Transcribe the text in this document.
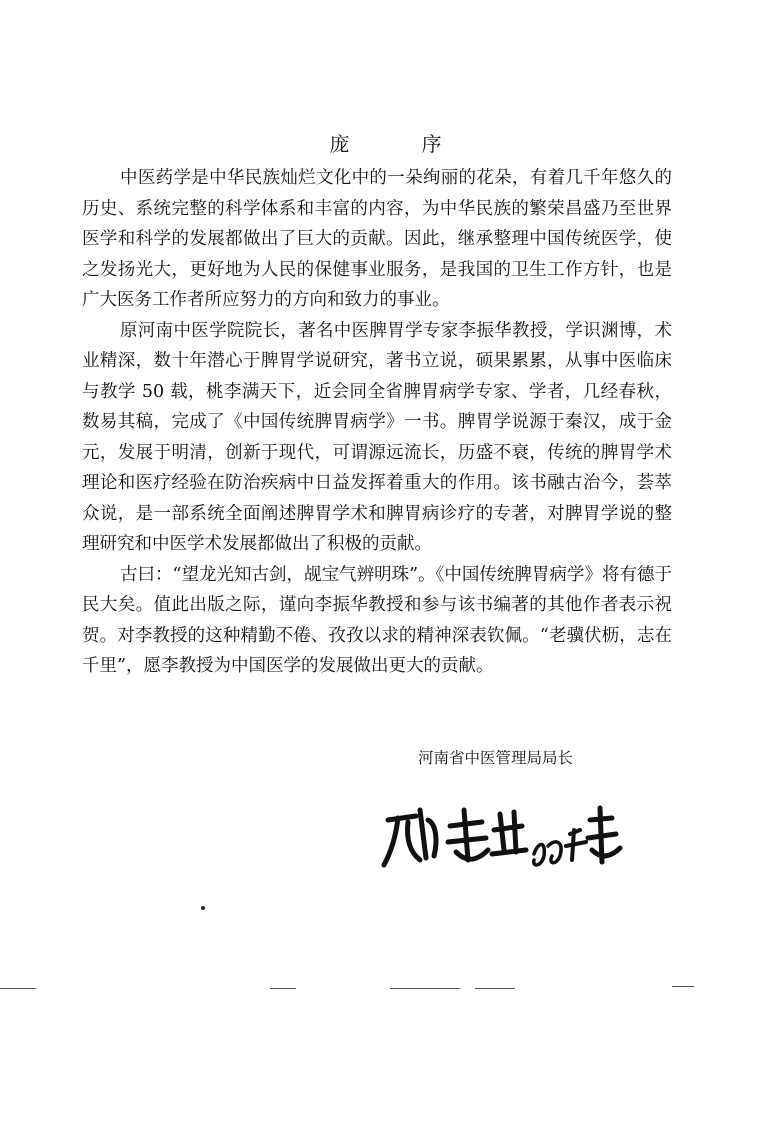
庞　序

中医药学是中华民族灿烂文化中的一朵绚丽的花朵，有着几千年悠久的历史、系统完整的科学体系和丰富的内容，为中华民族的繁荣昌盛乃至世界医学和科学的发展都做出了巨大的贡献。因此，继承整理中国传统医学，使之发扬光大，更好地为人民的保健事业服务，是我国的卫生工作方针，也是广大医务工作者所应努力的方向和致力的事业。

原河南中医学院院长，著名中医脾胃学专家李振华教授，学识渊博，术业精深，数十年潜心于脾胃学说研究，著书立说，硕果累累，从事中医临床与教学 50 载，桃李满天下，近会同全省脾胃病学专家、学者，几经春秋，数易其稿，完成了《中国传统脾胃病学》一书。脾胃学说源于秦汉，成于金元，发展于明清，创新于现代，可谓源远流长，历盛不衰，传统的脾胃学术理论和医疗经验在防治疾病中日益发挥着重大的作用。该书融古治今，荟萃众说，是一部系统全面阐述脾胃学术和脾胃病诊疗的专著，对脾胃学说的整理研究和中医学术发展都做出了积极的贡献。

古曰：“望龙光知古剑，觇宝气辨明珠”。《中国传统脾胃病学》将有德于民大矣。值此出版之际，谨向李振华教授和参与该书编著的其他作者表示祝贺。对李教授的这种精勤不倦、孜孜以求的精神深表钦佩。“老骥伏枥，志在千里”，愿李教授为中国医学的发展做出更大的贡献。

河南省中医管理局局长
